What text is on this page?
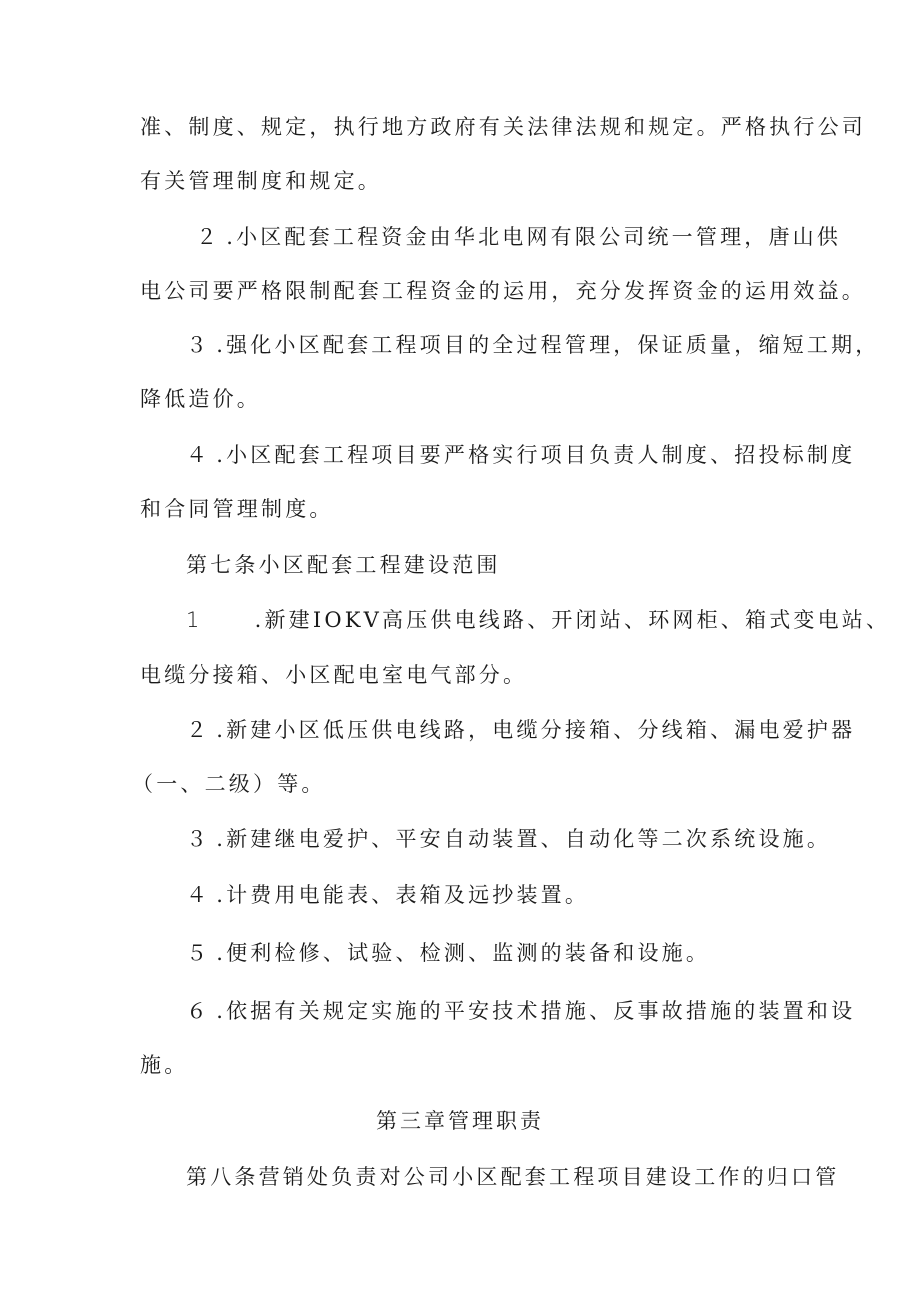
准、制度、规定，执行地方政府有关法律法规和规定。严格执行公司
有关管理制度和规定。
２ .小区配套工程资金由华北电网有限公司统一管理，唐山供
电公司要严格限制配套工程资金的运用，充分发挥资金的运用效益。
３ .强化小区配套工程项目的全过程管理，保证质量，缩短工期，
降低造价。
４ .小区配套工程项目要严格实行项目负责人制度、招投标制度
和合同管理制度。
第七条小区配套工程建设范围
1 .新建IOKV高压供电线路、开闭站、环网柜、箱式变电站、
电缆分接箱、小区配电室电气部分。
２ .新建小区低压供电线路，电缆分接箱、分线箱、漏电爱护器
（一、二级）等。
３ .新建继电爱护、平安自动装置、自动化等二次系统设施。
４ .计费用电能表、表箱及远抄装置。
５ .便利检修、试验、检测、监测的装备和设施。
６ .依据有关规定实施的平安技术措施、反事故措施的装置和设
施。
第三章管理职责
第八条营销处负责对公司小区配套工程项目建设工作的归口管
